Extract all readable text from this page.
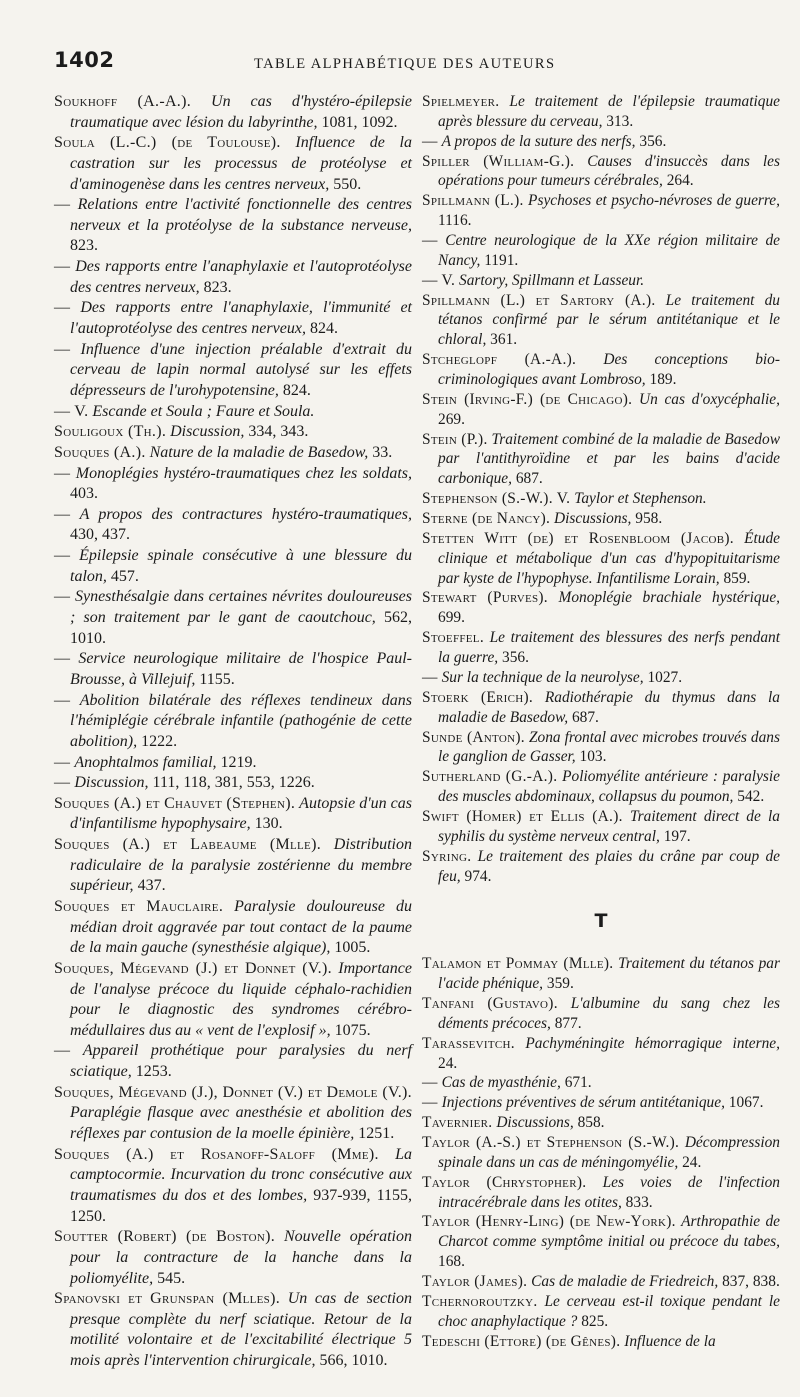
1402	TABLE ALPHABÉTIQUE DES AUTEURS

Soukhoff (A.-A.). Un cas d'hystéro-épilepsie traumatique avec lésion du labyrinthe, 1081, 1092.

Soula (L.-C.) (de Toulouse). Influence de la castration sur les processus de protéolyse et d'aminogenèse dans les centres nerveux, 550.

— Relations entre l'activité fonctionnelle des centres nerveux et la protéolyse de la substance nerveuse, 823.

— Des rapports entre l'anaphylaxie et l'autoprotéolyse des centres nerveux, 823.

— Des rapports entre l'anaphylaxie, l'immunité et l'autoprotéolyse des centres nerveux, 824.

— Influence d'une injection préalable d'extrait du cerveau de lapin normal autolysé sur les effets dépresseurs de l'urohypotensine, 824.

— V. Escande et Soula ; Faure et Soula.

Souligoux (Th.). Discussion, 334, 343.

Souques (A.). Nature de la maladie de Basedow, 33.

— Monoplégies hystéro-traumatiques chez les soldats, 403.

— A propos des contractures hystéro-traumatiques, 430, 437.

— Épilepsie spinale consécutive à une blessure du talon, 457.

— Synesthésalgie dans certaines névrites douloureuses ; son traitement par le gant de caoutchouc, 562, 1010.

— Service neurologique militaire de l'hospice Paul-Brousse, à Villejuif, 1155.

— Abolition bilatérale des réflexes tendineux dans l'hémiplégie cérébrale infantile (pathogénie de cette abolition), 1222.

— Anophtalmos familial, 1219.

— Discussion, 111, 118, 381, 553, 1226.

Souques (A.) et Chauvet (Stephen). Autopsie d'un cas d'infantilisme hypophysaire, 130.

Souques (A.) et Labeaume (Mlle). Distribution radiculaire de la paralysie zostérienne du membre supérieur, 437.

Souques et Mauclaire. Paralysie douloureuse du médian droit aggravée par tout contact de la paume de la main gauche (synesthésie algique), 1005.

Souques, Mégevand (J.) et Donnet (V.). Importance de l'analyse précoce du liquide céphalo-rachidien pour le diagnostic des syndromes cérébro-médullaires dus au « vent de l'explosif », 1075.

— Appareil prothétique pour paralysies du nerf sciatique, 1253.

Souques, Mégevand (J.), Donnet (V.) et Demole (V.). Paraplégie flasque avec anesthésie et abolition des réflexes par contusion de la moelle épinière, 1251.

Souques (A.) et Rosanoff-Saloff (Mme). La camptocormie. Incurvation du tronc consécutive aux traumatismes du dos et des lombes, 937-939, 1155, 1250.

Soutter (Robert) (de Boston). Nouvelle opération pour la contracture de la hanche dans la poliomyélite, 545.

Spanovski et Grunspan (Mlles). Un cas de section presque complète du nerf sciatique. Retour de la motilité volontaire et de l'excitabilité électrique 5 mois après l'intervention chirurgicale, 566, 1010.

Spielmeyer. Le traitement de l'épilepsie traumatique après blessure du cerveau, 313.

— A propos de la suture des nerfs, 356.

Spiller (William-G.). Causes d'insuccès dans les opérations pour tumeurs cérébrales, 264.

Spillmann (L.). Psychoses et psycho-névroses de guerre, 1116.

— Centre neurologique de la XXe région militaire de Nancy, 1191.

— V. Sartory, Spillmann et Lasseur.

Spillmann (L.) et Sartory (A.). Le traitement du tétanos confirmé par le sérum antitétanique et le chloral, 361.

Stcheglopf (A.-A.). Des conceptions bio-criminologiques avant Lombroso, 189.

Stein (Irving-F.) (de Chicago). Un cas d'oxycéphalie, 269.

Stein (P.). Traitement combiné de la maladie de Basedow par l'antithyroïdine et par les bains d'acide carbonique, 687.

Stephenson (S.-W.). V. Taylor et Stephenson.

Sterne (de Nancy). Discussions, 958.

Stetten Witt (de) et Rosenbloom (Jacob). Étude clinique et métabolique d'un cas d'hypopituitarisme par kyste de l'hypophyse. Infantilisme Lorain, 859.

Stewart (Purves). Monoplégie brachiale hystérique, 699.

Stoeffel. Le traitement des blessures des nerfs pendant la guerre, 356.

— Sur la technique de la neurolyse, 1027.

Stoerk (Erich). Radiothérapie du thymus dans la maladie de Basedow, 687.

Sunde (Anton). Zona frontal avec microbes trouvés dans le ganglion de Gasser, 103.

Sutherland (G.-A.). Poliomyélite antérieure : paralysie des muscles abdominaux, collapsus du poumon, 542.

Swift (Homer) et Ellis (A.). Traitement direct de la syphilis du système nerveux central, 197.

Syring. Le traitement des plaies du crâne par coup de feu, 974.

T

Talamon et Pommay (Mlle). Traitement du tétanos par l'acide phénique, 359.

Tanfani (Gustavo). L'albumine du sang chez les déments précoces, 877.

Tarassevitch. Pachyméningite hémorragique interne, 24.

— Cas de myasthénie, 671.

— Injections préventives de sérum antitétanique, 1067.

Tavernier. Discussions, 858.

Taylor (A.-S.) et Stephenson (S.-W.). Décompression spinale dans un cas de méningomyélie, 24.

Taylor (Chrystopher). Les voies de l'infection intracérébrale dans les otites, 833.

Taylor (Henry-Ling) (de New-York). Arthropathie de Charcot comme symptôme initial ou précoce du tabes, 168.

Taylor (James). Cas de maladie de Friedreich, 837, 838.

Tchernoroutzky. Le cerveau est-il toxique pendant le choc anaphylactique ? 825.

Tedeschi (Ettore) (de Gênes). Influence de la
